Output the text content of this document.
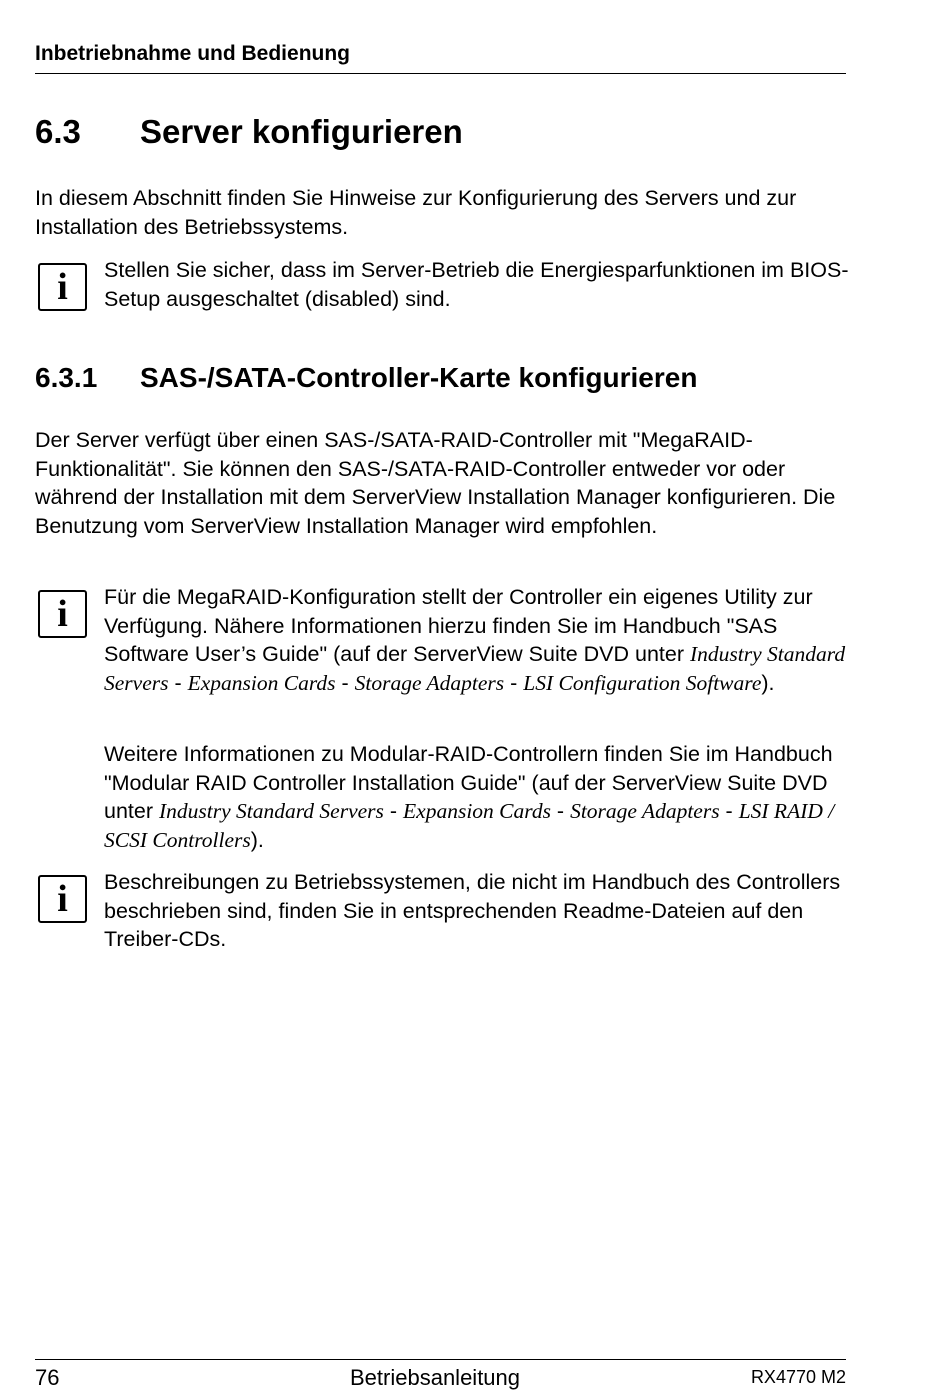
Inbetriebnahme und Bedienung
6.3 Server konfigurieren

In diesem Abschnitt finden Sie Hinweise zur Konfigurierung des Servers und zur Installation des Betriebssystems.

i	Stellen Sie sicher, dass im Server-Betrieb die Energiesparfunktionen im BIOS-Setup ausgeschaltet (disabled) sind.

6.3.1 SAS-/SATA-Controller-Karte konfigurieren

Der Server verfügt über einen SAS-/SATA-RAID-Controller mit "MegaRAID-Funktionalität". Sie können den SAS-/SATA-RAID-Controller entweder vor oder während der Installation mit dem ServerView Installation Manager konfigurieren. Die Benutzung vom ServerView Installation Manager wird empfohlen.

i	Für die MegaRAID-Konfiguration stellt der Controller ein eigenes Utility zur Verfügung. Nähere Informationen hierzu finden Sie im Handbuch "SAS Software User’s Guide" (auf der ServerView Suite DVD unter Industry Standard Servers - Expansion Cards - Storage Adapters - LSI Configuration Software).

Weitere Informationen zu Modular-RAID-Controllern finden Sie im Handbuch "Modular RAID Controller Installation Guide" (auf der ServerView Suite DVD unter Industry Standard Servers - Expansion Cards - Storage Adapters - LSI RAID / SCSI Controllers).

i	Beschreibungen zu Betriebssystemen, die nicht im Handbuch des Controllers beschrieben sind, finden Sie in entsprechenden Readme-Dateien auf den Treiber-CDs.

76	Betriebsanleitung	RX4770 M2
